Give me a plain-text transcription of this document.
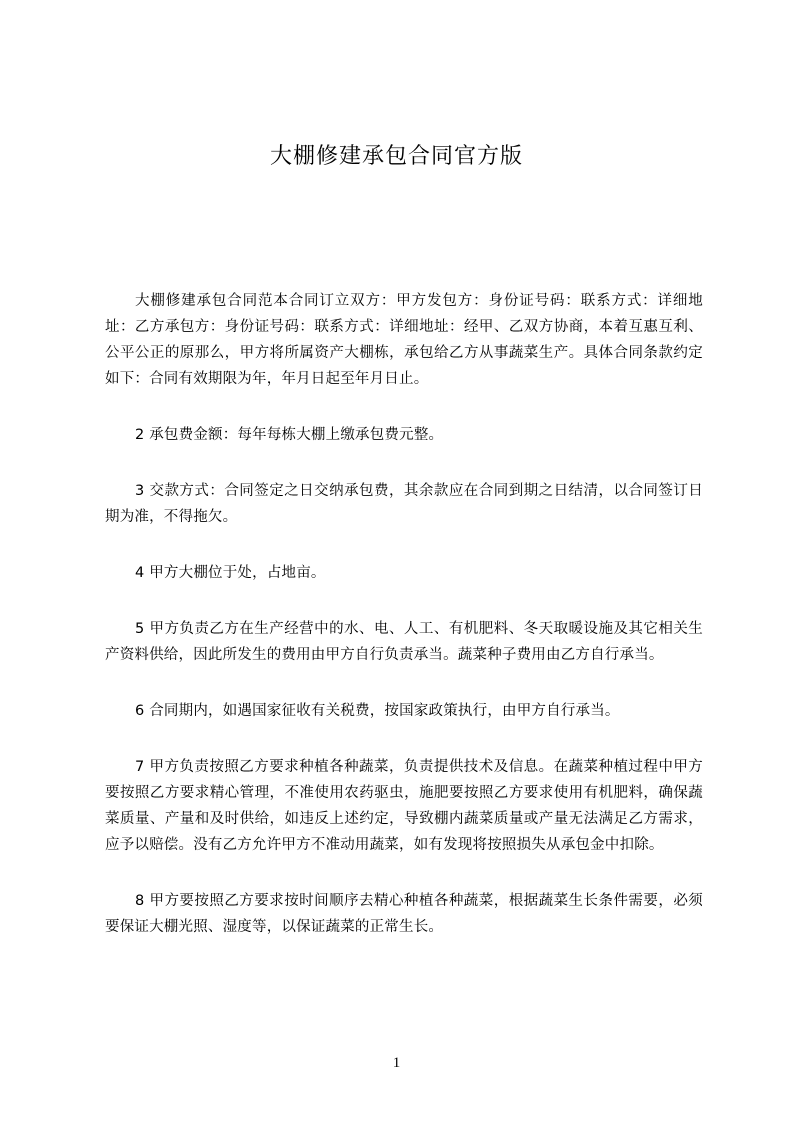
大棚修建承包合同官方版

大棚修建承包合同范本合同订立双方：甲方发包方：身份证号码：联系方式：详细地址：乙方承包方：身份证号码：联系方式：详细地址：经甲、乙双方协商，本着互惠互利、公平公正的原那么，甲方将所属资产大棚栋，承包给乙方从事蔬菜生产。具体合同条款约定如下：合同有效期限为年，年月日起至年月日止。

2 承包费金额：每年每栋大棚上缴承包费元整。

3 交款方式：合同签定之日交纳承包费，其余款应在合同到期之日结清，以合同签订日期为准，不得拖欠。

4 甲方大棚位于处，占地亩。

5 甲方负责乙方在生产经营中的水、电、人工、有机肥料、冬天取暖设施及其它相关生产资料供给，因此所发生的费用由甲方自行负责承当。蔬菜种子费用由乙方自行承当。

6 合同期内，如遇国家征收有关税费，按国家政策执行，由甲方自行承当。

7 甲方负责按照乙方要求种植各种蔬菜，负责提供技术及信息。在蔬菜种植过程中甲方要按照乙方要求精心管理，不准使用农药驱虫，施肥要按照乙方要求使用有机肥料，确保蔬菜质量、产量和及时供给，如违反上述约定，导致棚内蔬菜质量或产量无法满足乙方需求，应予以赔偿。没有乙方允许甲方不准动用蔬菜，如有发现将按照损失从承包金中扣除。

8 甲方要按照乙方要求按时间顺序去精心种植各种蔬菜，根据蔬菜生长条件需要，必须要保证大棚光照、湿度等，以保证蔬菜的正常生长。

1
